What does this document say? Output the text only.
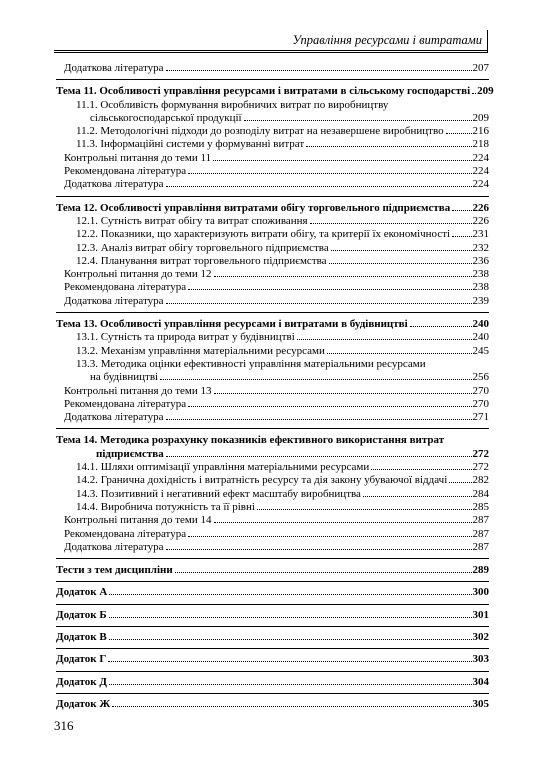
Управління ресурсами і витратами
Додаткова література	207
Тема 11. Особливості управління ресурсами і витратами в сільському господарстві 209
11.1. Особливість формування виробничих витрат по виробництву
сільськогосподарської продукції	209
11.2. Методологічні підходи до розподілу витрат на незавершене виробництво	216
11.3. Інформаційні системи у формуванні витрат	218
Контрольні питання до теми 11	224
Рекомендована література	224
Додаткова література	224
Тема 12. Особливості управління витратами обігу торговельного підприємства 226
12.1. Сутність витрат обігу та витрат споживання	226
12.2. Показники, що характеризують витрати обігу, та критерії їх економічності 231
12.3. Аналіз витрат обігу торговельного підприємства	232
12.4. Планування витрат торговельного підприємства	236
Контрольні питання до теми 12	238
Рекомендована література	238
Додаткова література	239
Тема 13. Особливості управління ресурсами і витратами в будівництві	240
13.1. Сутність та природа витрат у будівництві	240
13.2. Механізм управління матеріальними ресурсами	245
13.3. Методика оцінки ефективності управління матеріальними ресурсами
на будівництві	256
Контрольні питання до теми 13	270
Рекомендована література	270
Додаткова література	271
Тема 14. Методика розрахунку показників ефективного використання витрат
підприємства	272
14.1. Шляхи оптимізації управління матеріальними ресурсами	272
14.2. Гранична дохідність і витратність ресурсу та дія закону убуваючої віддачі 282
14.3. Позитивний і негативний ефект масштабу виробництва	284
14.4. Виробнича потужність та її рівні	285
Контрольні питання до теми 14	287
Рекомендована література	287
Додаткова література	287
Тести з тем дисципліни	289
Додаток А	300
Додаток Б	301
Додаток В	302
Додаток Г	303
Додаток Д	304
Додаток Ж	305
316
